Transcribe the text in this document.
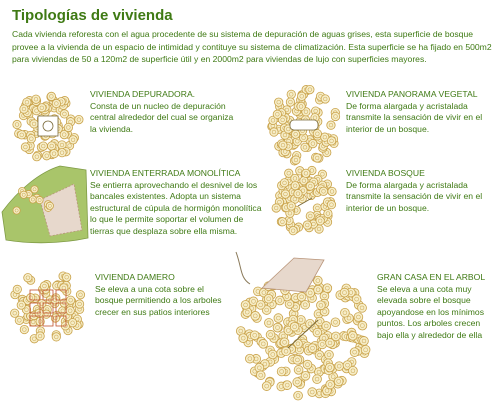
Tipologías de vivienda
Cada vivienda reforesta con el agua procedente de su sistema de depuración de aguas grises, esta superficie de bosque provee a la vivienda de un espacio de intimidad y contituye su sistema de climatización. Esta superficie se ha fijado en 500m2 para viviendas de 50 a 120m2 de superficie útil y en 2000m2 para viviendas de lujo con superficies mayores.
VIVIENDA DEPURADORA.
Consta de un nucleo de depuración central alrededor del cual se organiza la vivienda.
VIVIENDA PANORAMA VEGETAL
De forma alargada y acristalada transmite la sensación de vivir en el interior de un bosque.
VIVIENDA ENTERRADA MONOLÍTICA
Se entierra aprovechando el desnivel de los bancales existentes. Adopta un sistema estructural de cúpula de hormigón monolítica lo que le permite soportar el volumen de tierras que desplaza sobre ella misma.
VIVIENDA BOSQUE
De forma alargada y acristalada transmite la sensación de vivir en el interior de un bosque.
VIVIENDA DAMERO
Se eleva a una cota sobre el bosque permitiendo a los arboles crecer en sus patios interiores
GRAN CASA EN EL ARBOL
Se eleva a una cota muy elevada sobre el bosque apoyandose en los mínimos puntos. Los arboles crecen bajo ella y alrededor de ella
